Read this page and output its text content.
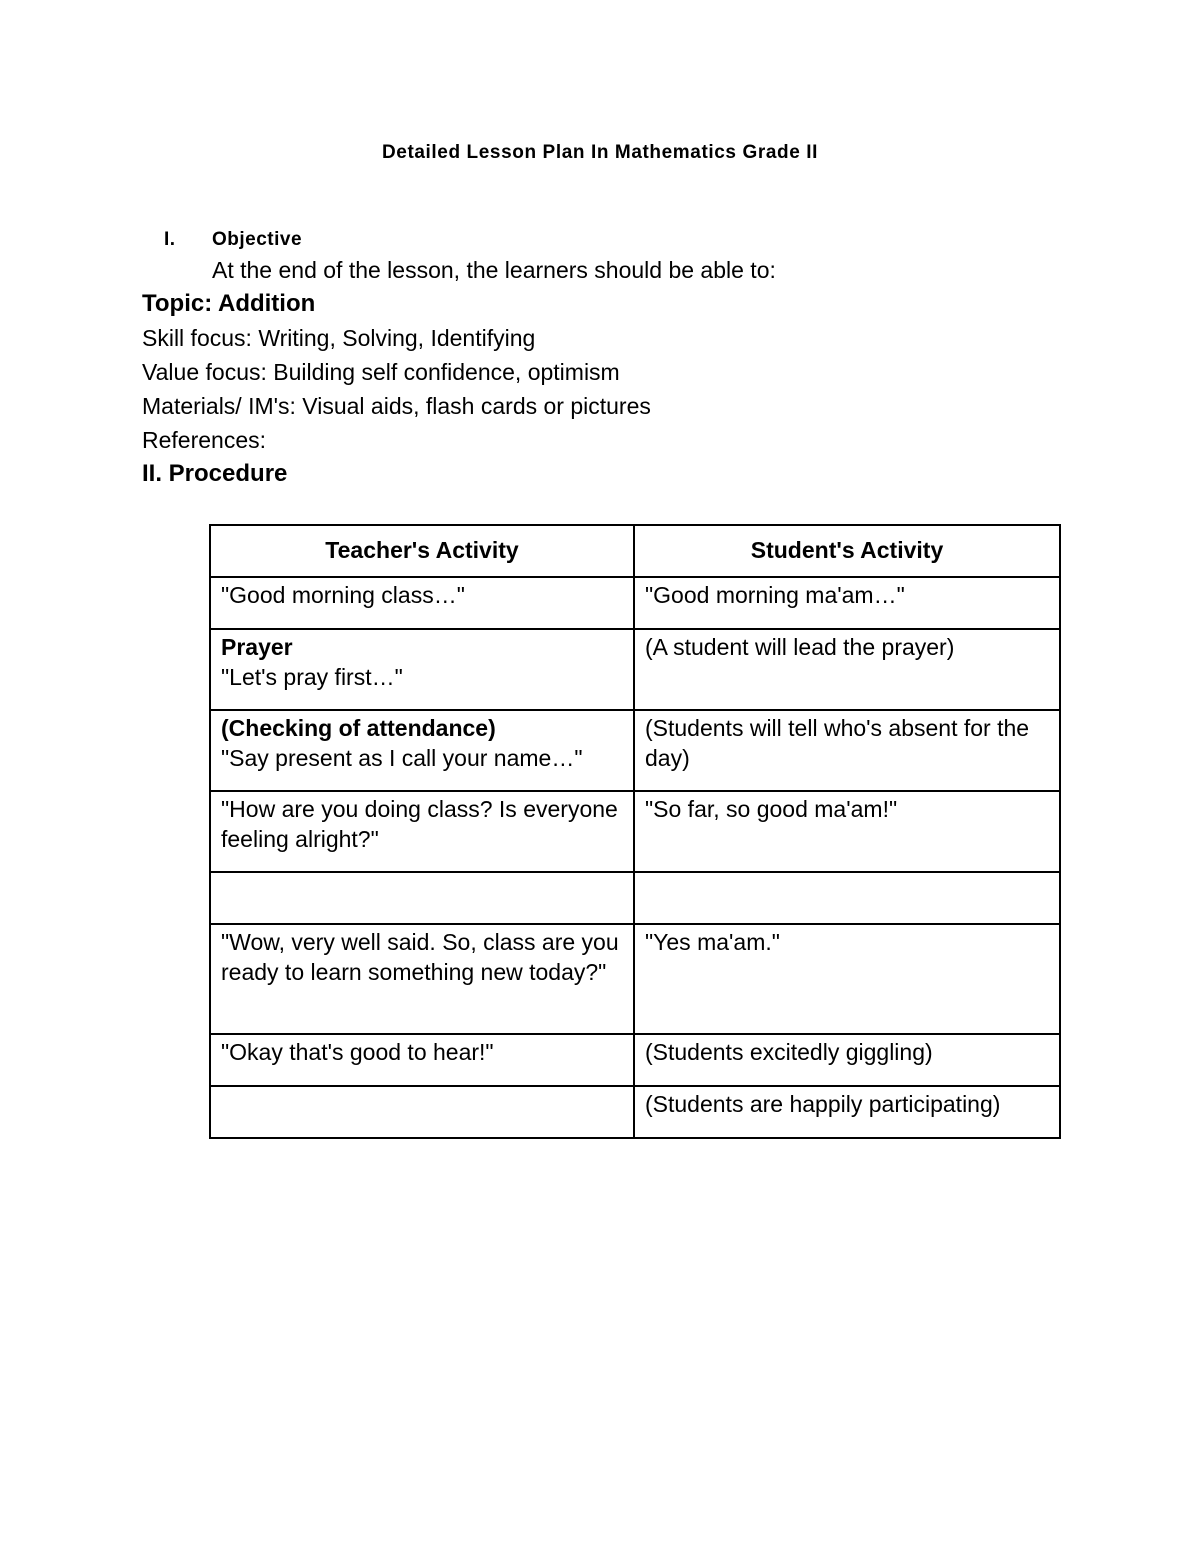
Detailed Lesson Plan In Mathematics Grade II
I. Objective
At the end of the lesson, the learners should be able to:
Topic: Addition
Skill focus: Writing, Solving, Identifying
Value focus: Building self confidence, optimism
Materials/ IM's: Visual aids, flash cards or pictures
References:
II. Procedure
Teacher's Activity	Student's Activity
"Good morning class…"	"Good morning ma'am…"

Prayer
"Let's pray first…"	(A student will lead the prayer)

(Checking of attendance)
"Say present as I call your name…"	(Students will tell who's absent for the day)
"How are you doing class? Is everyone feeling alright?"	"So far, so good ma'am!"

"Wow, very well said. So, class are you ready to learn something new today?"	"Yes ma'am."
"Okay that's good to hear!"	(Students excitedly giggling)
	(Students are happily participating)
